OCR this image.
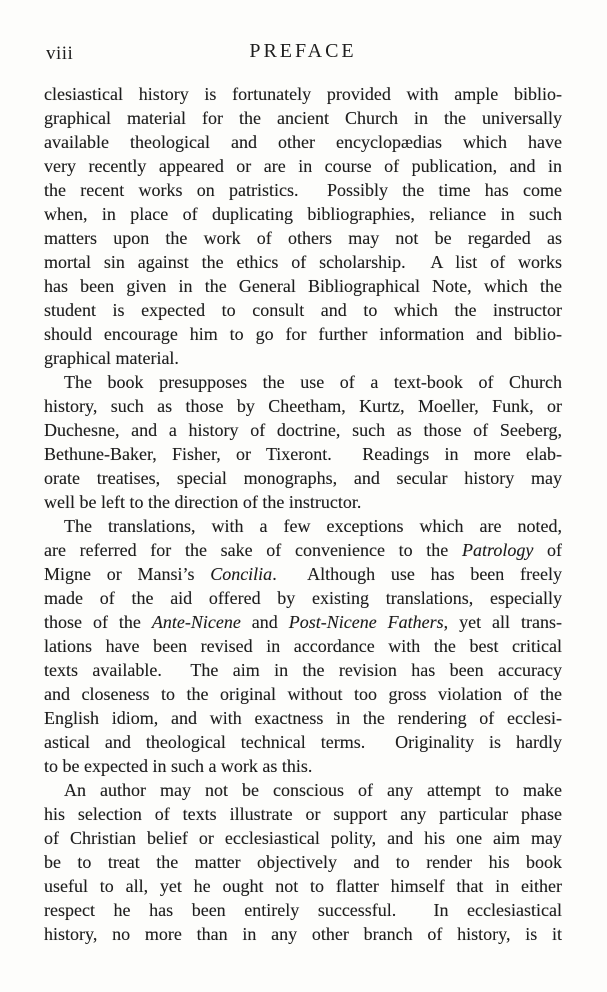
viii	PREFACE
clesiastical history is fortunately provided with ample biblio-
graphical material for the ancient Church in the universally
available theological and other encyclopædias which have
very recently appeared or are in course of publication, and in
the recent works on patristics.  Possibly the time has come
when, in place of duplicating bibliographies, reliance in such
matters upon the work of others may not be regarded as
mortal sin against the ethics of scholarship.  A list of works
has been given in the General Bibliographical Note, which the
student is expected to consult and to which the instructor
should encourage him to go for further information and biblio-
graphical material.
The book presupposes the use of a text-book of Church
history, such as those by Cheetham, Kurtz, Moeller, Funk, or
Duchesne, and a history of doctrine, such as those of Seeberg,
Bethune-Baker, Fisher, or Tixeront.  Readings in more elab-
orate treatises, special monographs, and secular history may
well be left to the direction of the instructor.
The translations, with a few exceptions which are noted,
are referred for the sake of convenience to the Patrology of
Migne or Mansi’s Concilia.  Although use has been freely
made of the aid offered by existing translations, especially
those of the Ante-Nicene and Post-Nicene Fathers, yet all trans-
lations have been revised in accordance with the best critical
texts available.  The aim in the revision has been accuracy
and closeness to the original without too gross violation of the
English idiom, and with exactness in the rendering of ecclesi-
astical and theological technical terms.  Originality is hardly
to be expected in such a work as this.
An author may not be conscious of any attempt to make
his selection of texts illustrate or support any particular phase
of Christian belief or ecclesiastical polity, and his one aim may
be to treat the matter objectively and to render his book
useful to all, yet he ought not to flatter himself that in either
respect he has been entirely successful.  In ecclesiastical
history, no more than in any other branch of history, is it
